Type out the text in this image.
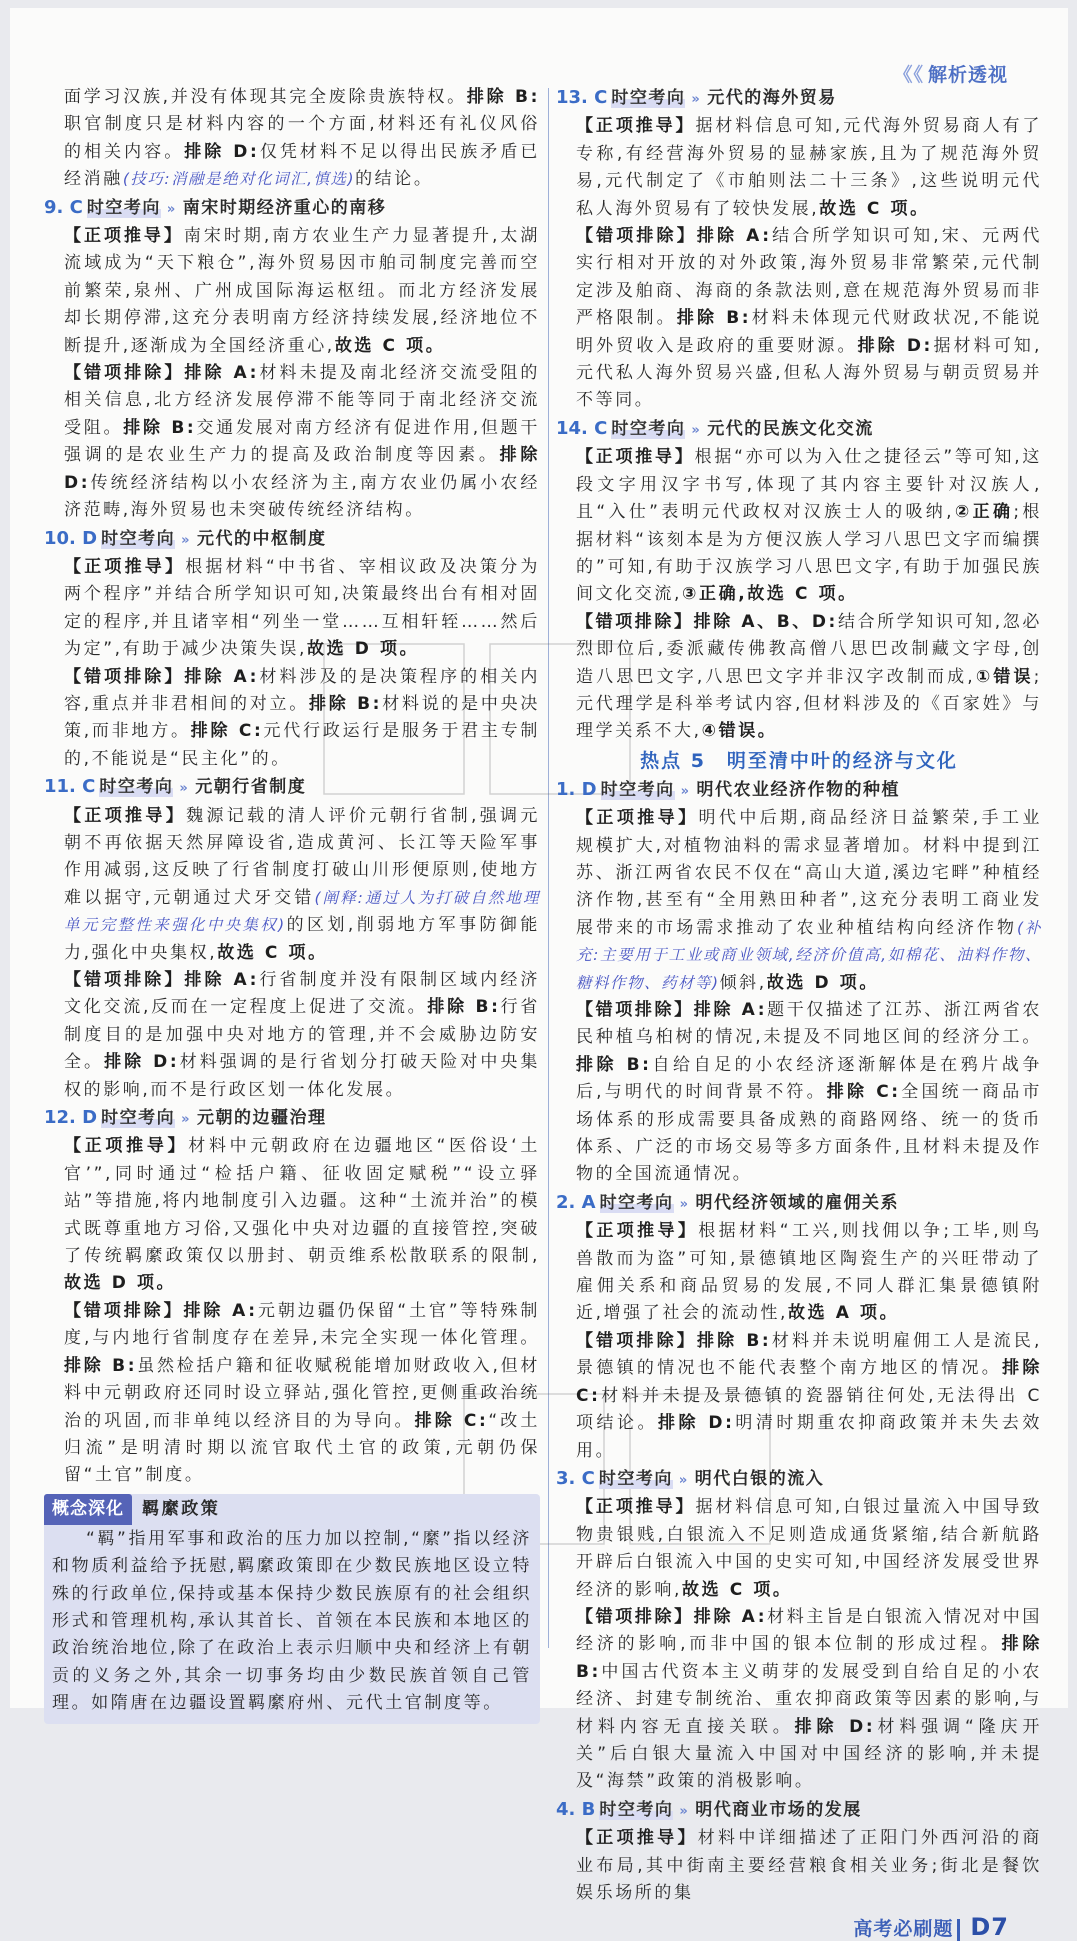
《《 解析透视
面学习汉族,并没有体现其完全废除贵族特权。排除 B:职官制度只是材料内容的一个方面,材料还有礼仪风俗的相关内容。排除 D:仅凭材料不足以得出民族矛盾已经消融(技巧:消融是绝对化词汇,慎选)的结论。
9. C 时空考向 » 南宋时期经济重心的南移
【正项推导】南宋时期,南方农业生产力显著提升,太湖流域成为“天下粮仓”,海外贸易因市舶司制度完善而空前繁荣,泉州、广州成国际海运枢纽。而北方经济发展却长期停滞,这充分表明南方经济持续发展,经济地位不断提升,逐渐成为全国经济重心,故选 C 项。
【错项排除】排除 A:材料未提及南北经济交流受阻的相关信息,北方经济发展停滞不能等同于南北经济交流受阻。排除 B:交通发展对南方经济有促进作用,但题干强调的是农业生产力的提高及政治制度等因素。排除 D:传统经济结构以小农经济为主,南方农业仍属小农经济范畴,海外贸易也未突破传统经济结构。
10. D 时空考向 » 元代的中枢制度
【正项推导】根据材料“中书省、宰相议政及决策分为两个程序”并结合所学知识可知,决策最终出台有相对固定的程序,并且诸宰相“列坐一堂……互相轩轾……然后为定”,有助于减少决策失误,故选 D 项。
【错项排除】排除 A:材料涉及的是决策程序的相关内容,重点并非君相间的对立。排除 B:材料说的是中央决策,而非地方。排除 C:元代行政运行是服务于君主专制的,不能说是“民主化”的。
11. C 时空考向 » 元朝行省制度
【正项推导】魏源记载的清人评价元朝行省制,强调元朝不再依据天然屏障设省,造成黄河、长江等天险军事作用减弱,这反映了行省制度打破山川形便原则,使地方难以据守,元朝通过犬牙交错(阐释:通过人为打破自然地理单元完整性来强化中央集权)的区划,削弱地方军事防御能力,强化中央集权,故选 C 项。
【错项排除】排除 A:行省制度并没有限制区域内经济文化交流,反而在一定程度上促进了交流。排除 B:行省制度目的是加强中央对地方的管理,并不会威胁边防安全。排除 D:材料强调的是行省划分打破天险对中央集权的影响,而不是行政区划一体化发展。
12. D 时空考向 » 元朝的边疆治理
【正项推导】材料中元朝政府在边疆地区“医俗设‘土官’”,同时通过“检括户籍、征收固定赋税”“设立驿站”等措施,将内地制度引入边疆。这种“土流并治”的模式既尊重地方习俗,又强化中央对边疆的直接管控,突破了传统羁縻政策仅以册封、朝贡维系松散联系的限制,故选 D 项。
【错项排除】排除 A:元朝边疆仍保留“土官”等特殊制度,与内地行省制度存在差异,未完全实现一体化管理。排除 B:虽然检括户籍和征收赋税能增加财政收入,但材料中元朝政府还同时设立驿站,强化管控,更侧重政治统治的巩固,而非单纯以经济目的为导向。排除 C:“改土归流”是明清时期以流官取代土官的政策,元朝仍保留“土官”制度。
概念深化	羁縻政策
“羁”指用军事和政治的压力加以控制,“縻”指以经济和物质利益给予抚慰,羁縻政策即在少数民族地区设立特殊的行政单位,保持或基本保持少数民族原有的社会组织形式和管理机构,承认其首长、首领在本民族和本地区的政治统治地位,除了在政治上表示归顺中央和经济上有朝贡的义务之外,其余一切事务均由少数民族首领自己管理。如隋唐在边疆设置羁縻府州、元代土官制度等。
13. C 时空考向 » 元代的海外贸易
【正项推导】据材料信息可知,元代海外贸易商人有了专称,有经营海外贸易的显赫家族,且为了规范海外贸易,元代制定了《市舶则法二十三条》,这些说明元代私人海外贸易有了较快发展,故选 C 项。
【错项排除】排除 A:结合所学知识可知,宋、元两代实行相对开放的对外政策,海外贸易非常繁荣,元代制定涉及舶商、海商的条款法则,意在规范海外贸易而非严格限制。排除 B:材料未体现元代财政状况,不能说明外贸收入是政府的重要财源。排除 D:据材料可知,元代私人海外贸易兴盛,但私人海外贸易与朝贡贸易并不等同。
14. C 时空考向 » 元代的民族文化交流
【正项推导】根据“亦可以为入仕之捷径云”等可知,这段文字用汉字书写,体现了其内容主要针对汉族人,且“入仕”表明元代政权对汉族士人的吸纳,②正确;根据材料“该刻本是为方便汉族人学习八思巴文字而编撰的”可知,有助于汉族学习八思巴文字,有助于加强民族间文化交流,③正确,故选 C 项。
【错项排除】排除 A、B、D:结合所学知识可知,忽必烈即位后,委派藏传佛教高僧八思巴改制藏文字母,创造八思巴文字,八思巴文字并非汉字改制而成,①错误;元代理学是科举考试内容,但材料涉及的《百家姓》与理学关系不大,④错误。
热点 5　明至清中叶的经济与文化
1. D 时空考向 » 明代农业经济作物的种植
【正项推导】明代中后期,商品经济日益繁荣,手工业规模扩大,对植物油料的需求显著增加。材料中提到江苏、浙江两省农民不仅在“高山大道,溪边宅畔”种植经济作物,甚至有“全用熟田种者”,这充分表明工商业发展带来的市场需求推动了农业种植结构向经济作物(补充:主要用于工业或商业领域,经济价值高,如棉花、油料作物、糖料作物、药材等)倾斜,故选 D 项。
【错项排除】排除 A:题干仅描述了江苏、浙江两省农民种植乌桕树的情况,未提及不同地区间的经济分工。排除 B:自给自足的小农经济逐渐解体是在鸦片战争后,与明代的时间背景不符。排除 C:全国统一商品市场体系的形成需要具备成熟的商路网络、统一的货币体系、广泛的市场交易等多方面条件,且材料未提及作物的全国流通情况。
2. A 时空考向 » 明代经济领域的雇佣关系
【正项推导】根据材料“工兴,则找佣以争;工毕,则鸟兽散而为盗”可知,景德镇地区陶瓷生产的兴旺带动了雇佣关系和商品贸易的发展,不同人群汇集景德镇附近,增强了社会的流动性,故选 A 项。
【错项排除】排除 B:材料并未说明雇佣工人是流民,景德镇的情况也不能代表整个南方地区的情况。排除 C:材料并未提及景德镇的瓷器销往何处,无法得出 C 项结论。排除 D:明清时期重农抑商政策并未失去效用。
3. C 时空考向 » 明代白银的流入
【正项推导】据材料信息可知,白银过量流入中国导致物贵银贱,白银流入不足则造成通货紧缩,结合新航路开辟后白银流入中国的史实可知,中国经济发展受世界经济的影响,故选 C 项。
【错项排除】排除 A:材料主旨是白银流入情况对中国经济的影响,而非中国的银本位制的形成过程。排除 B:中国古代资本主义萌芽的发展受到自给自足的小农经济、封建专制统治、重农抑商政策等因素的影响,与材料内容无直接关联。排除 D:材料强调“隆庆开关”后白银大量流入中国对中国经济的影响,并未提及“海禁”政策的消极影响。
4. B 时空考向 » 明代商业市场的发展
【正项推导】材料中详细描述了正阳门外西河沿的商业布局,其中街南主要经营粮食相关业务;街北是餐饮娱乐场所的集
高考必刷题 D7
